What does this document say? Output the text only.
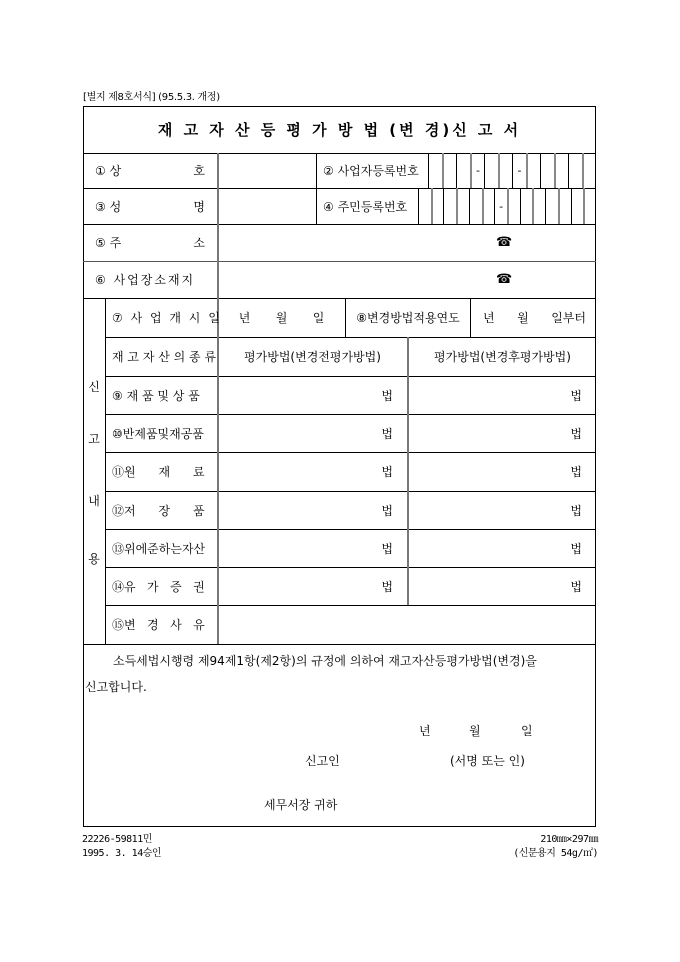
[별지 제8호서식] (95.5.3. 개정)
재 고 자 산 등 평 가 방 법 (변 경)신 고 서
① 상	호	② 사업자등록번호	-	-
③ 성	명	④ 주민등록번호	-
⑤ 주	소	☎
⑥ 사업장소재지	☎
신
고
내
용
⑦ 사 업 개 시 일 년 월 일	⑧변경방법적용연도	년 월 일부터
재 고 자 산 의 종 류	평가방법(변경전평가방법)	평가방법(변경후평가방법)
⑨ 재 품 및 상 품	법	법
⑩반제품및재공품	법	법
⑪원      재      료	법	법
⑫저      장      품	법	법
⑬위에준하는자산	법	법
⑭유   가   증   권	법	법
⑮변   경   사   유
소득세법시행령 제94제1항(제2항)의 규정에 의하여 재고자산등평가방법(변경)을
신고합니다.
년	월	일
신고인	(서명 또는 인)
세무서장 귀하
22226-59811민
1995. 3. 14승인
210㎜×297㎜
(신문용지 54g/㎡)
